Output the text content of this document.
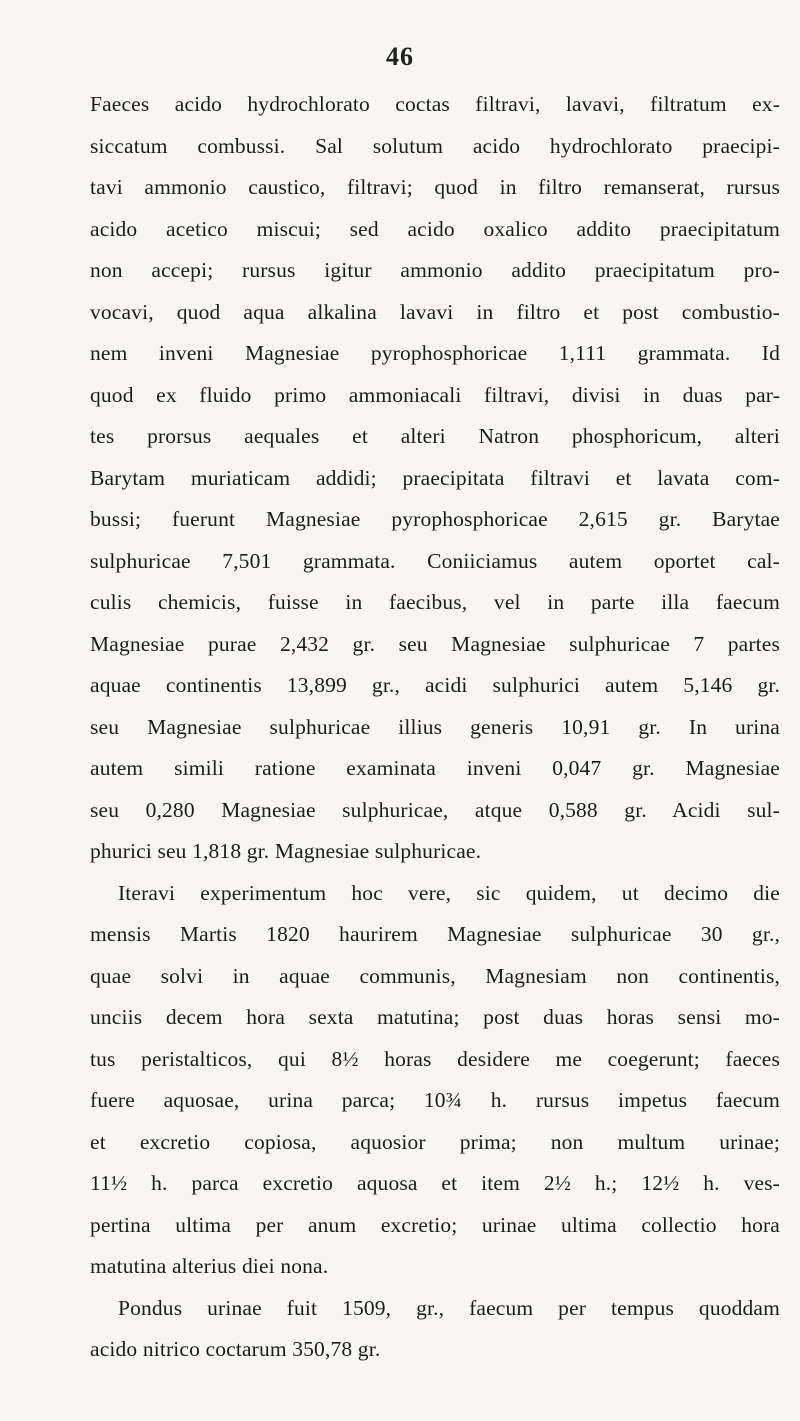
46
Faeces acido hydrochlorato coctas filtravi, lavavi, filtratum ex-
siccatum combussi. Sal solutum acido hydrochlorato praecipi-
tavi ammonio caustico, filtravi; quod in filtro remanserat, rursus
acido acetico miscui; sed acido oxalico addito praecipitatum
non accepi; rursus igitur ammonio addito praecipitatum pro-
vocavi, quod aqua alkalina lavavi in filtro et post combustio-
nem inveni Magnesiae pyrophosphoricae 1,111 grammata. Id
quod ex fluido primo ammoniacali filtravi, divisi in duas par-
tes prorsus aequales et alteri Natron phosphoricum, alteri
Barytam muriaticam addidi; praecipitata filtravi et lavata com-
bussi; fuerunt Magnesiae pyrophosphoricae 2,615 gr. Barytae
sulphuricae 7,501 grammata. Coniiciamus autem oportet cal-
culis chemicis, fuisse in faecibus, vel in parte illa faecum
Magnesiae purae 2,432 gr. seu Magnesiae sulphuricae 7 partes
aquae continentis 13,899 gr., acidi sulphurici autem 5,146 gr.
seu Magnesiae sulphuricae illius generis 10,91 gr. In urina
autem simili ratione examinata inveni 0,047 gr. Magnesiae
seu 0,280 Magnesiae sulphuricae, atque 0,588 gr. Acidi sul-
phurici seu 1,818 gr. Magnesiae sulphuricae.
Iteravi experimentum hoc vere, sic quidem, ut decimo die
mensis Martis 1820 haurirem Magnesiae sulphuricae 30 gr.,
quae solvi in aquae communis, Magnesiam non continentis,
unciis decem hora sexta matutina; post duas horas sensi mo-
tus peristalticos, qui 8½ horas desidere me coegerunt; faeces
fuere aquosae, urina parca; 10¾ h. rursus impetus faecum
et excretio copiosa, aquosior prima; non multum urinae;
11½ h. parca excretio aquosa et item 2½ h.; 12½ h. ves-
pertina ultima per anum excretio; urinae ultima collectio hora
matutina alterius diei nona.
Pondus urinae fuit 1509, gr., faecum per tempus quoddam
acido nitrico coctarum 350,78 gr.
